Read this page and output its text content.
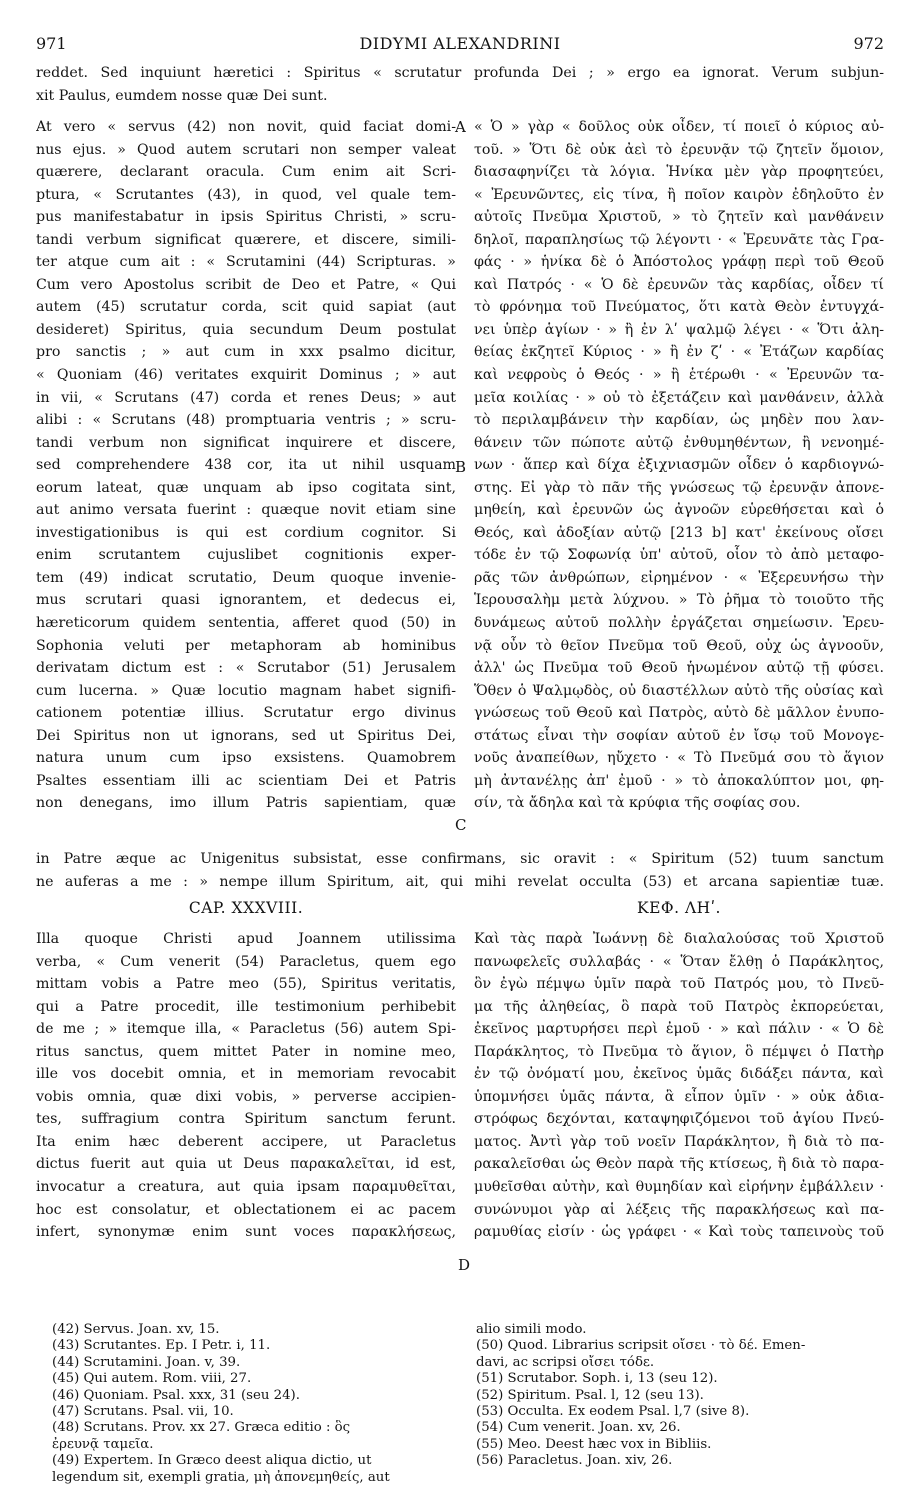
971	DIDYMI ALEXANDRINI	972
reddet. Sed inquiunt hæretici : Spiritus « scrutatur profunda Dei ; » ergo ea ignorat. Verum subjun-
xit Paulus, eumdem nosse quæ Dei sunt.
At vero « servus (42) non novit, quid faciat domi-
nus ejus. » Quod autem scrutari non semper valeat
quærere, declarant oracula. Cum enim ait Scri-
ptura, « Scrutantes (43), in quod, vel quale tem-
pus manifestabatur in ipsis Spiritus Christi, » scru-
tandi verbum significat quærere, et discere, simili-
ter atque cum ait : « Scrutamini (44) Scripturas. »
Cum vero Apostolus scribit de Deo et Patre, « Qui
autem (45) scrutatur corda, scit quid sapiat (aut
desideret) Spiritus, quia secundum Deum postulat
pro sanctis ; » aut cum in xxx psalmo dicitur,
« Quoniam (46) veritates exquirit Dominus ; » aut
in vii, « Scrutans (47) corda et renes Deus; » aut
alibi : « Scrutans (48) promptuaria ventris ; » scru-
tandi verbum non significat inquirere et discere,
sed comprehendere 438 cor, ita ut nihil usquam
eorum lateat, quæ unquam ab ipso cogitata sint,
aut animo versata fuerint : quæque novit etiam sine
investigationibus is qui est cordium cognitor. Si
enim scrutantem cujuslibet cognitionis exper-
tem (49) indicat scrutatio, Deum quoque invenie-
mus scrutari quasi ignorantem, et dedecus ei,
hæreticorum quidem sententia, afferet quod (50) in
Sophonia veluti per metaphoram ab hominibus
derivatam dictum est : « Scrutabor (51) Jerusalem
cum lucerna. » Quæ locutio magnam habet signifi-
cationem potentiæ illius. Scrutatur ergo divinus
Dei Spiritus non ut ignorans, sed ut Spiritus Dei,
natura unum cum ipso exsistens. Quamobrem
Psaltes essentiam illi ac scientiam Dei et Patris
non denegans, imo illum Patris sapientiam, quæ
« Ὁ » γὰρ « δοῦλος οὐκ οἶδεν, τί ποιεῖ ὁ κύριος αὐ-
τοῦ. » Ὅτι δὲ οὐκ ἀεὶ τὸ ἐρευνᾷν τῷ ζητεῖν ὅμοιον,
διασαφηνίζει τὰ λόγια. Ἡνίκα μὲν γὰρ προφητεύει,
« Ἐρευνῶντες, εἰς τίνα, ἢ ποῖον καιρὸν ἐδηλοῦτο ἐν
αὐτοῖς Πνεῦμα Χριστοῦ, » τὸ ζητεῖν καὶ μανθάνειν
δηλοῖ, παραπλησίως τῷ λέγοντι · « Ἐρευνᾶτε τὰς Γρα-
φάς · » ἡνίκα δὲ ὁ Ἀπόστολος γράφῃ περὶ τοῦ Θεοῦ
καὶ Πατρός · « Ὁ δὲ ἐρευνῶν τὰς καρδίας, οἶδεν τί
τὸ φρόνημα τοῦ Πνεύματος, ὅτι κατὰ Θεὸν ἐντυγχά-
νει ὑπὲρ ἁγίων · » ἢ ἐν λʹ ψαλμῷ λέγει · « Ὅτι ἀλη-
θείας ἐκζητεῖ Κύριος · » ἢ ἐν ζʹ · « Ἐτάζων καρδίας
καὶ νεφροὺς ὁ Θεός · » ἢ ἑτέρωθι · « Ἐρευνῶν τα-
μεῖα κοιλίας · » οὐ τὸ ἐξετάζειν καὶ μανθάνειν, ἀλλὰ
τὸ περιλαμβάνειν τὴν καρδίαν, ὡς μηδὲν που λαν-
θάνειν τῶν πώποτε αὐτῷ ἐνθυμηθέντων, ἢ νενοημέ-
νων · ἅπερ καὶ δίχα ἐξιχνιασμῶν οἶδεν ὁ καρδιογνώ-
στης. Εἰ γὰρ τὸ πᾶν τῆς γνώσεως τῷ ἐρευνᾷν ἀπονε-
μηθείη, καὶ ἐρευνῶν ὡς ἀγνοῶν εὑρεθήσεται καὶ ὁ
Θεός, καὶ ἀδοξίαν αὐτῷ [213 b] κατ' ἐκείνους οἴσει
τόδε ἐν τῷ Σοφωνίᾳ ὑπ' αὐτοῦ, οἷον τὸ ἀπὸ μεταφο-
ρᾶς τῶν ἀνθρώπων, εἰρημένον · « Ἐξερευνήσω τὴν
Ἱερουσαλὴμ μετὰ λύχνου. » Τὸ ῥῆμα τὸ τοιοῦτο τῆς
δυνάμεως αὐτοῦ πολλὴν ἐργάζεται σημείωσιν. Ἐρευ-
νᾷ οὖν τὸ θεῖον Πνεῦμα τοῦ Θεοῦ, οὐχ ὡς ἀγνοοῦν,
ἀλλ' ὡς Πνεῦμα τοῦ Θεοῦ ἡνωμένον αὐτῷ τῇ φύσει.
Ὅθεν ὁ Ψαλμῳδὸς, οὐ διαστέλλων αὐτὸ τῆς οὐσίας καὶ
γνώσεως τοῦ Θεοῦ καὶ Πατρὸς, αὐτὸ δὲ μᾶλλον ἐνυπο-
στάτως εἶναι τὴν σοφίαν αὐτοῦ ἐν ἴσῳ τοῦ Μονογε-
νοῦς ἀναπείθων, ηὔχετο · « Τὸ Πνεῦμά σου τὸ ἅγιον
μὴ ἀντανέλῃς ἀπ' ἐμοῦ · » τὸ ἀποκαλύπτον μοι, φη-
σίν, τὰ ἄδηλα καὶ τὰ κρύφια τῆς σοφίας σου.
A
B
C
D
in Patre æque ac Unigenitus subsistat, esse confirmans, sic oravit : « Spiritum (52) tuum sanctum
ne auferas a me : » nempe illum Spiritum, ait, qui mihi revelat occulta (53) et arcana sapientiæ tuæ.
CAP. XXXVIII.	ΚΕΦ. ΛΗʹ.
Illa quoque Christi apud Joannem utilissima
verba, « Cum venerit (54) Paracletus, quem ego
mittam vobis a Patre meo (55), Spiritus veritatis,
qui a Patre procedit, ille testimonium perhibebit
de me ; » itemque illa, « Paracletus (56) autem Spi-
ritus sanctus, quem mittet Pater in nomine meo,
ille vos docebit omnia, et in memoriam revocabit
vobis omnia, quæ dixi vobis, » perverse accipien-
tes, suffragium contra Spiritum sanctum ferunt.
Ita enim hæc deberent accipere, ut Paracletus
dictus fuerit aut quia ut Deus παρακαλεῖται, id est,
invocatur a creatura, aut quia ipsam παραμυθεῖται,
hoc est consolatur, et oblectationem ei ac pacem
infert, synonymæ enim sunt voces παρακλήσεως,
Καὶ τὰς παρὰ Ἰωάννῃ δὲ διαλαλούσας τοῦ Χριστοῦ
πανωφελεῖς συλλαβάς · « Ὅταν ἔλθῃ ὁ Παράκλητος,
ὃν ἐγὼ πέμψω ὑμῖν παρὰ τοῦ Πατρός μου, τὸ Πνεῦ-
μα τῆς ἀληθείας, ὃ παρὰ τοῦ Πατρὸς ἐκπορεύεται,
ἐκεῖνος μαρτυρήσει περὶ ἐμοῦ · » καὶ πάλιν · « Ὁ δὲ
Παράκλητος, τὸ Πνεῦμα τὸ ἅγιον, ὃ πέμψει ὁ Πατὴρ
ἐν τῷ ὀνόματί μου, ἐκεῖνος ὑμᾶς διδάξει πάντα, καὶ
ὑπομνήσει ὑμᾶς πάντα, ἃ εἶπον ὑμῖν · » οὐκ ἀδια-
στρόφως δεχόνται, καταψηφιζόμενοι τοῦ ἁγίου Πνεύ-
ματος. Ἀντὶ γὰρ τοῦ νοεῖν Παράκλητον, ἢ διὰ τὸ πα-
ρακαλεῖσθαι ὡς Θεὸν παρὰ τῆς κτίσεως, ἢ διὰ τὸ παρα-
μυθεῖσθαι αὐτὴν, καὶ θυμηδίαν καὶ εἰρήνην ἐμβάλλειν ·
συνώνυμοι γὰρ αἱ λέξεις τῆς παρακλήσεως καὶ πα-
ραμυθίας εἰσίν · ὡς γράφει · « Καὶ τοὺς ταπεινοὺς τοῦ
(42) Servus. Joan. xv, 15.
(43) Scrutantes. Ep. I Petr. i, 11.
(44) Scrutamini. Joan. v, 39.
(45) Qui autem. Rom. viii, 27.
(46) Quoniam. Psal. xxx, 31 (seu 24).
(47) Scrutans. Psal. vii, 10.
(48) Scrutans. Prov. xx 27. Græca editio : ὃς
ἐρευνᾷ ταμεῖα.
(49) Expertem. In Græco deest aliqua dictio, ut
legendum sit, exempli gratia, μὴ ἀπονεμηθείς, aut
alio simili modo.
(50) Quod. Librarius scripsit οἴσει · τὸ δέ. Emen-
davi, ac scripsi οἴσει τόδε.
(51) Scrutabor. Soph. i, 13 (seu 12).
(52) Spiritum. Psal. l, 12 (seu 13).
(53) Occulta. Ex eodem Psal. l,7 (sive 8).
(54) Cum venerit. Joan. xv, 26.
(55) Meo. Deest hæc vox in Bibliis.
(56) Paracletus. Joan. xiv, 26.
